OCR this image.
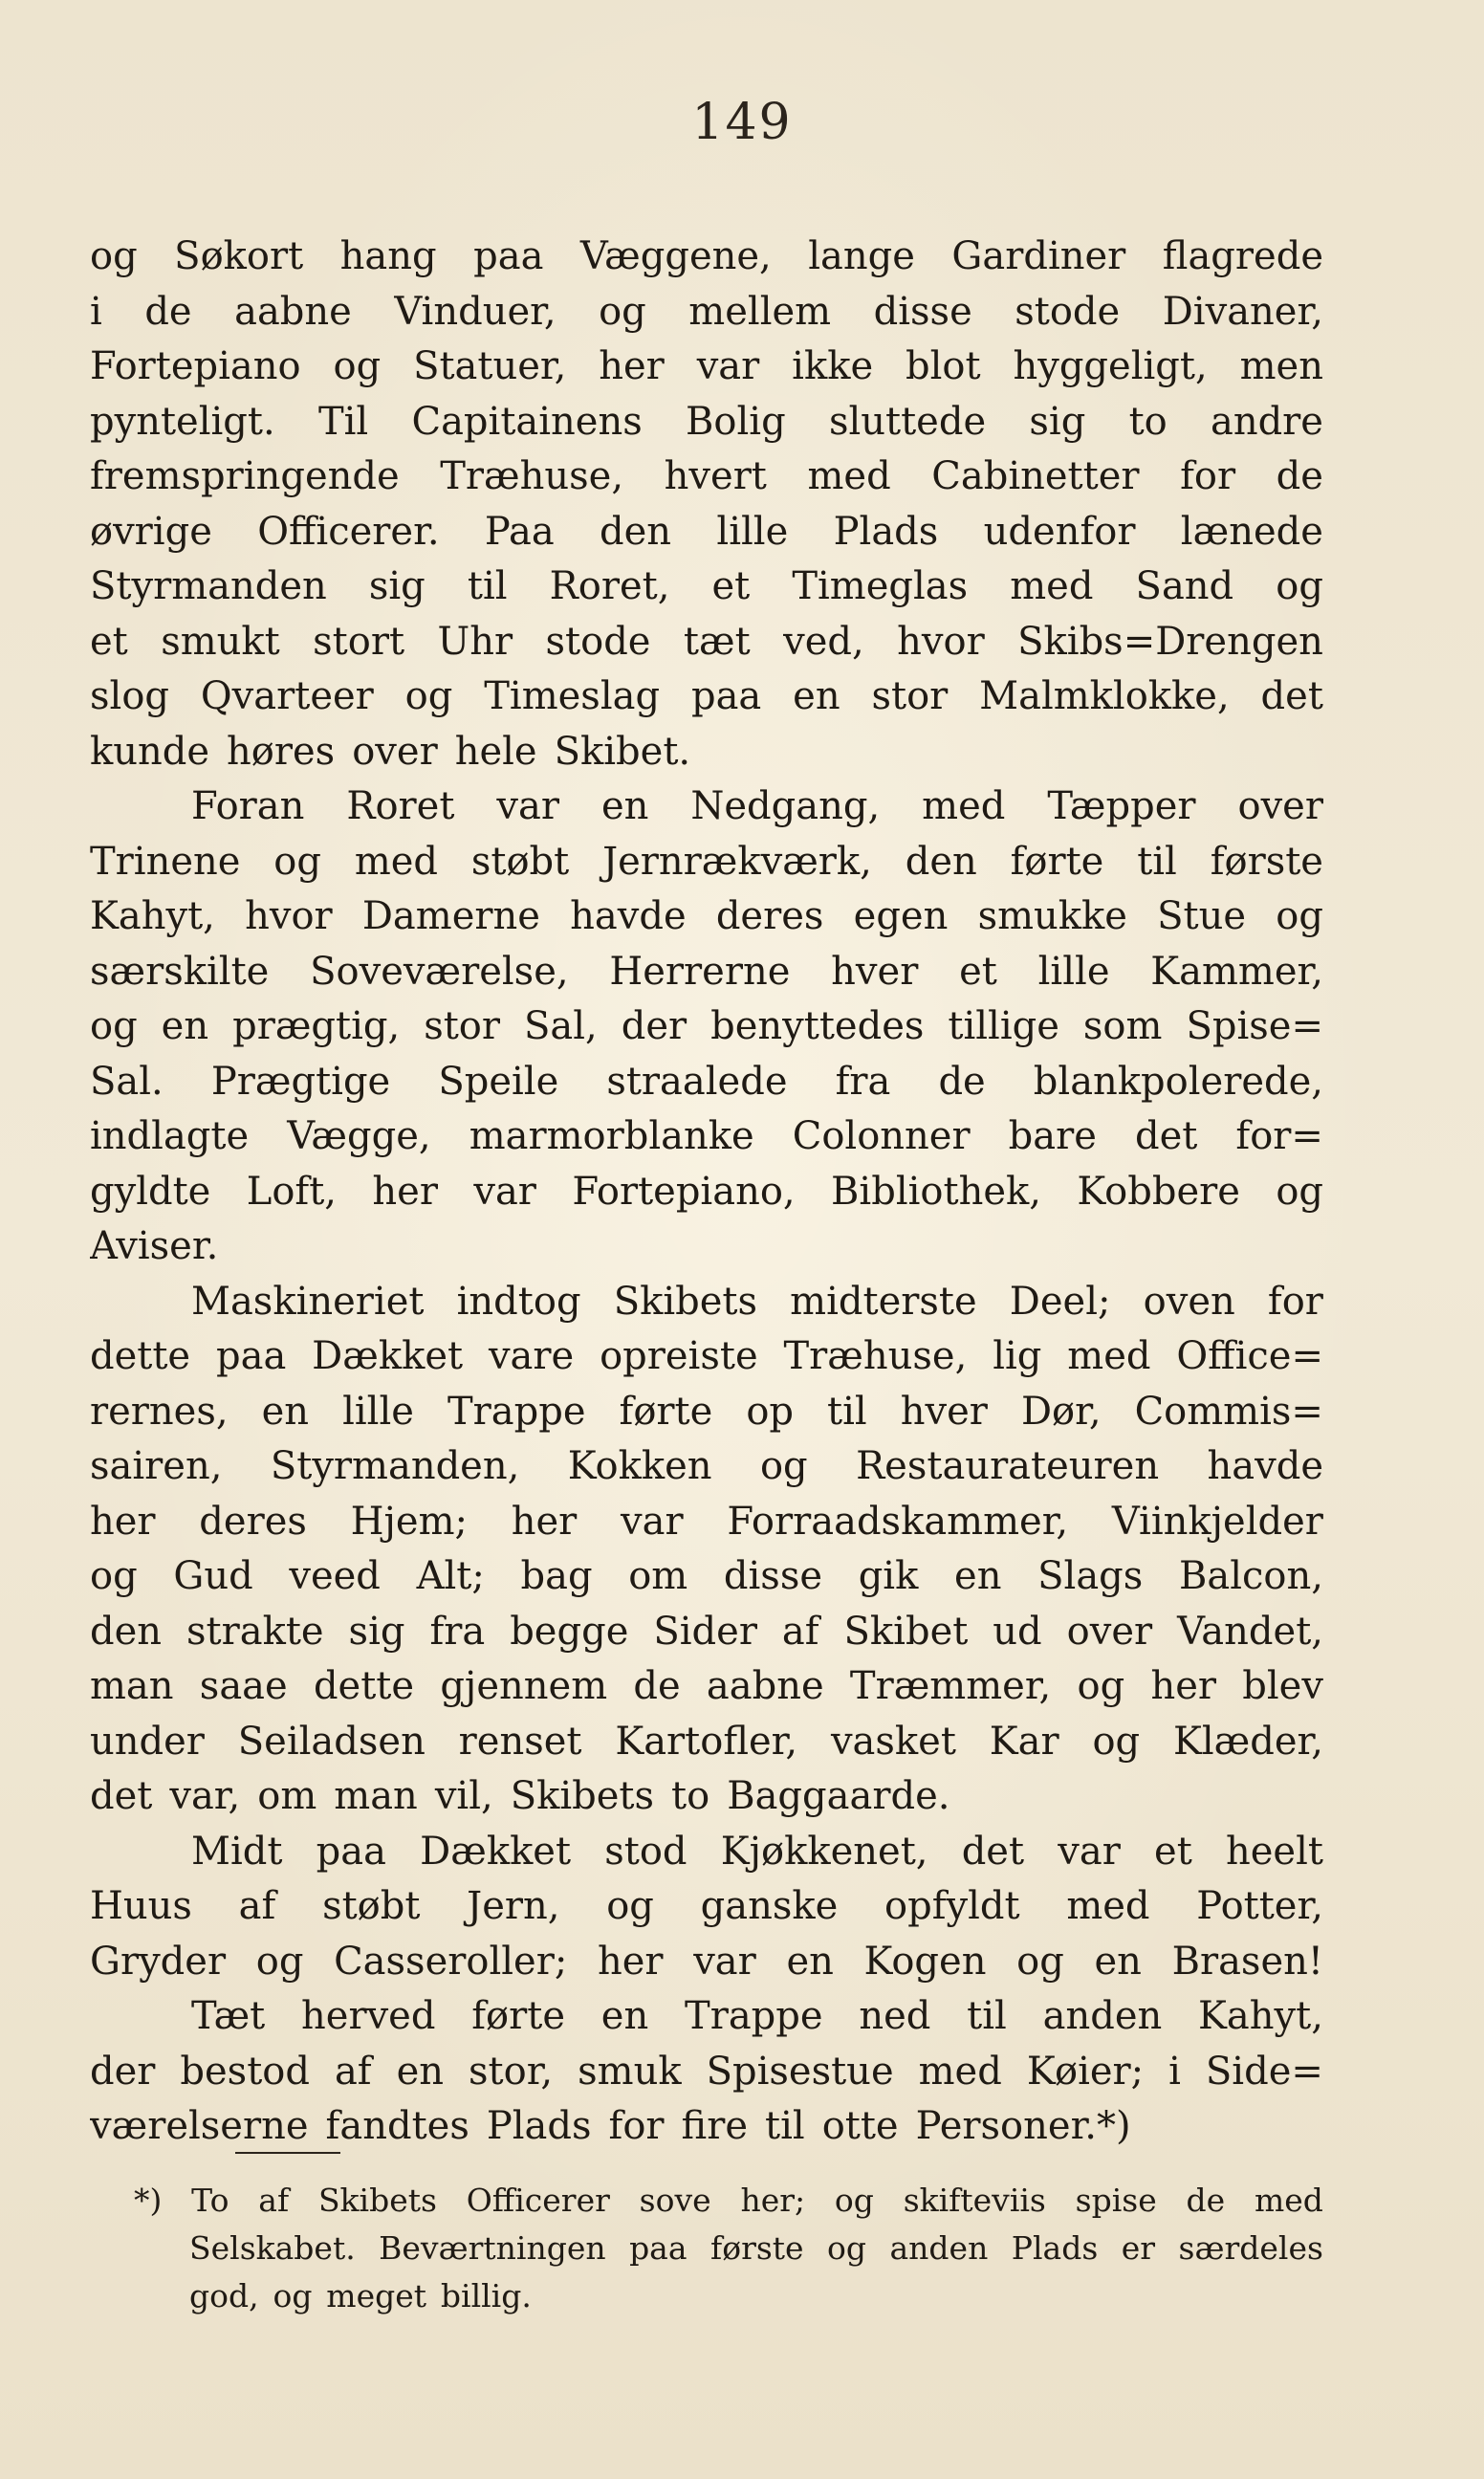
149
og Søkort hang paa Væggene, lange Gardiner flagrede
i de aabne Vinduer, og mellem disse stode Divaner,
Fortepiano og Statuer, her var ikke blot hyggeligt, men
pynteligt. Til Capitainens Bolig sluttede sig to andre
fremspringende Træhuse, hvert med Cabinetter for de
øvrige Officerer. Paa den lille Plads udenfor lænede
Styrmanden sig til Roret, et Timeglas med Sand og
et smukt stort Uhr stode tæt ved, hvor Skibs=Drengen
slog Qvarteer og Timeslag paa en stor Malmklokke, det
kunde høres over hele Skibet.
Foran Roret var en Nedgang, med Tæpper over
Trinene og med støbt Jernrækværk, den førte til første
Kahyt, hvor Damerne havde deres egen smukke Stue og
særskilte Soveværelse, Herrerne hver et lille Kammer,
og en prægtig, stor Sal, der benyttedes tillige som Spise=
Sal. Prægtige Speile straalede fra de blankpolerede,
indlagte Vægge, marmorblanke Colonner bare det for=
gyldte Loft, her var Fortepiano, Bibliothek, Kobbere og
Aviser.
Maskineriet indtog Skibets midterste Deel; oven for
dette paa Dækket vare opreiste Træhuse, lig med Office=
rernes, en lille Trappe førte op til hver Dør, Commis=
sairen, Styrmanden, Kokken og Restaurateuren havde
her deres Hjem; her var Forraadskammer, Viinkjelder
og Gud veed Alt; bag om disse gik en Slags Balcon,
den strakte sig fra begge Sider af Skibet ud over Vandet,
man saae dette gjennem de aabne Træmmer, og her blev
under Seiladsen renset Kartofler, vasket Kar og Klæder,
det var, om man vil, Skibets to Baggaarde.
Midt paa Dækket stod Kjøkkenet, det var et heelt
Huus af støbt Jern, og ganske opfyldt med Potter,
Gryder og Casseroller; her var en Kogen og en Brasen!
Tæt herved førte en Trappe ned til anden Kahyt,
der bestod af en stor, smuk Spisestue med Køier; i Side=
værelserne fandtes Plads for fire til otte Personer.*)
*) To af Skibets Officerer sove her; og skifteviis spise de med
Selskabet. Beværtningen paa første og anden Plads er særdeles
god, og meget billig.
